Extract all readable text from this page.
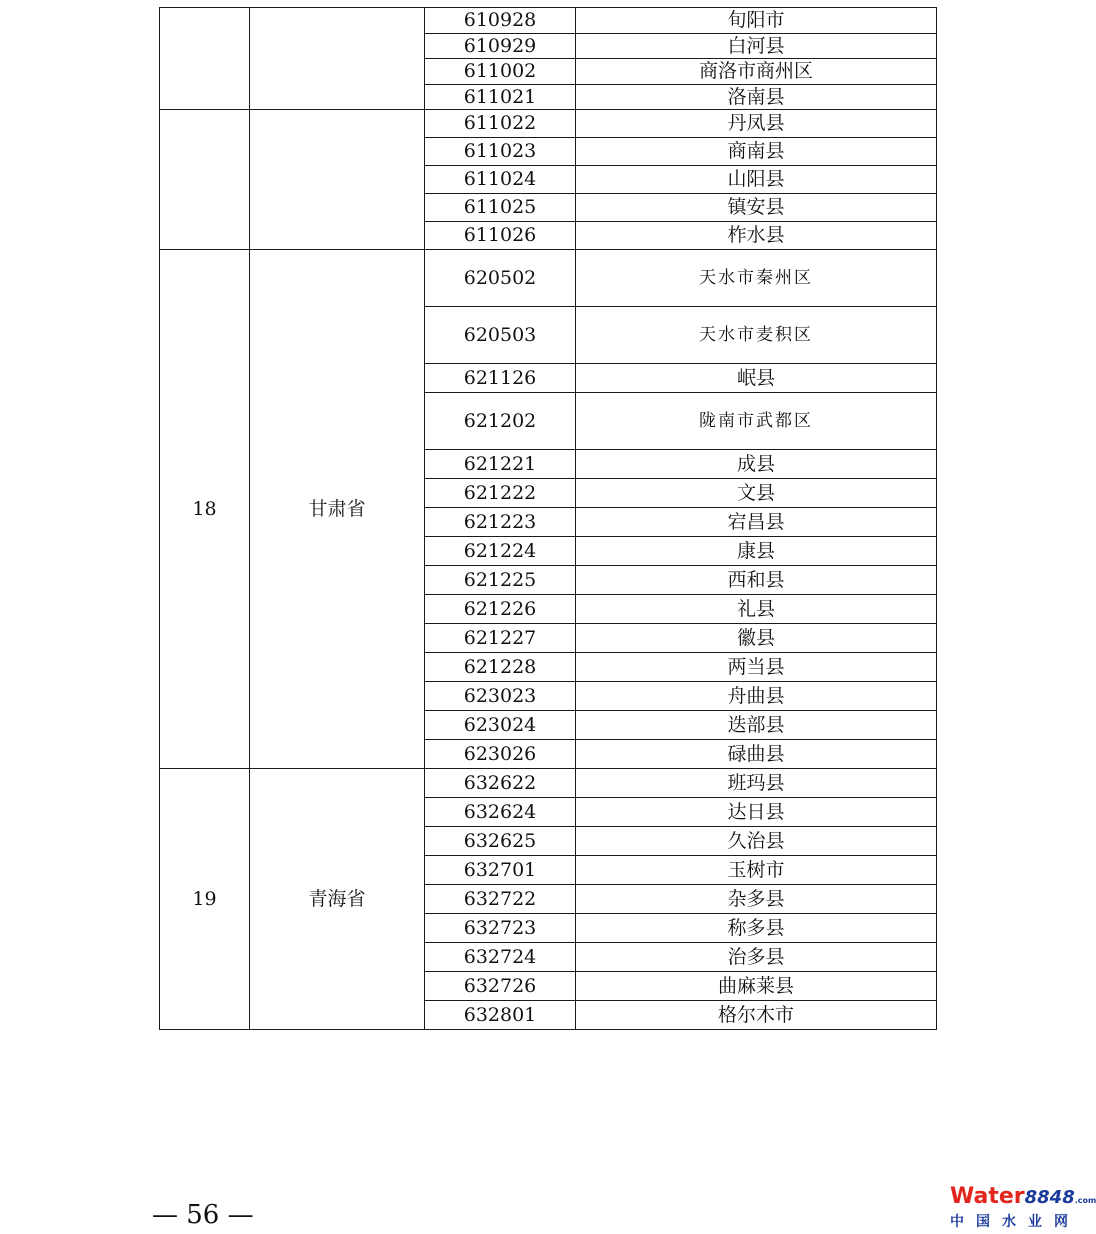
		610928	旬阳市
		610929	白河县
		611002	商洛市商州区
		611021	洛南县
		611022	丹凤县
		611023	商南县
		611024	山阳县
		611025	镇安县
		611026	柞水县
18	甘肃省	620502	天水市秦州区
		620503	天水市麦积区
		621126	岷县
		621202	陇南市武都区
		621221	成县
		621222	文县
		621223	宕昌县
		621224	康县
		621225	西和县
		621226	礼县
		621227	徽县
		621228	两当县
		623023	舟曲县
		623024	迭部县
		623026	碌曲县
19	青海省	632622	班玛县
		632624	达日县
		632625	久治县
		632701	玉树市
		632722	杂多县
		632723	称多县
		632724	治多县
		632726	曲麻莱县
		632801	格尔木市
— 56 —
Water8848.com
中国水业网
